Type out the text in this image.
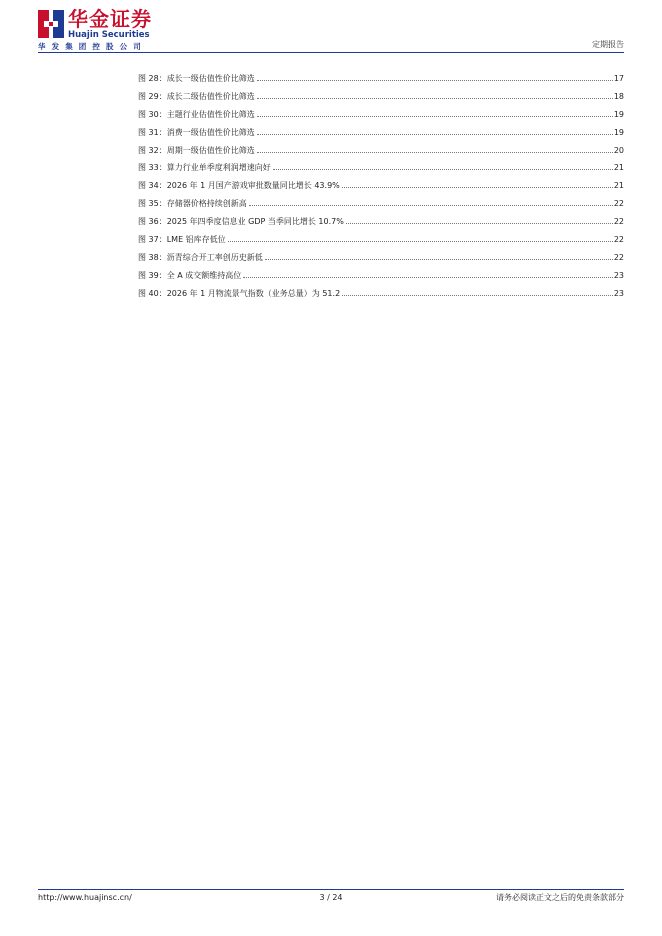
华金证券
Huajin Securities
华发集团控股公司	定期报告
图 28：成长一级估值性价比筛选	17
图 29：成长二级估值性价比筛选	18
图 30：主题行业估值性价比筛选	19
图 31：消费一级估值性价比筛选	19
图 32：周期一级估值性价比筛选	20
图 33：算力行业单季度利润增速向好	21
图 34：2026 年 1 月国产游戏审批数量同比增长 43.9%	21
图 35：存储器价格持续创新高	22
图 36：2025 年四季度信息业 GDP 当季同比增长 10.7%	22
图 37：LME 铝库存低位	22
图 38：沥青综合开工率创历史新低	22
图 39：全 A 成交额维持高位	23
图 40：2026 年 1 月物流景气指数（业务总量）为 51.2	23
http://www.huajinsc.cn/	3 / 24	请务必阅读正文之后的免责条款部分
